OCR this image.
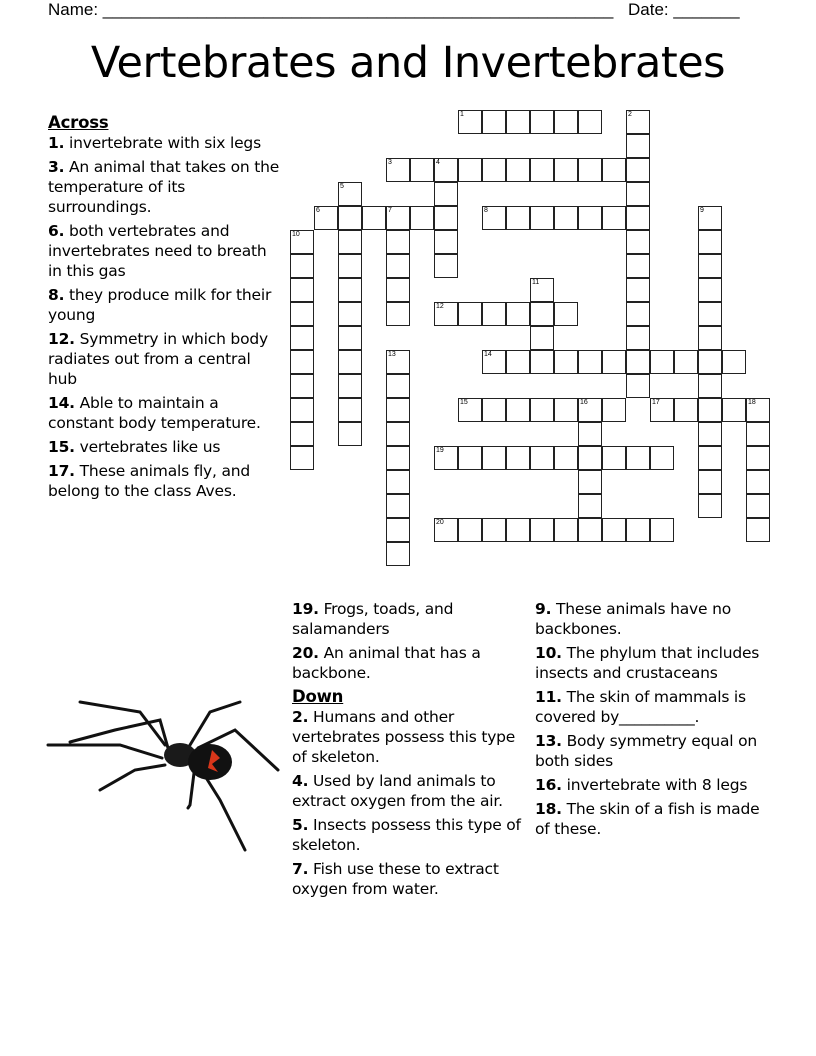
Name: ______________________________________________________ Date: _______
Vertebrates and Invertebrates
Across
1. invertebrate with six legs
3. An animal that takes on the temperature of its surroundings.
6. both vertebrates and invertebrates need to breath in this gas
8. they produce milk for their young
12. Symmetry in which body radiates out from a central hub
14. Able to maintain a constant body temperature.
15. vertebrates like us
17. These animals fly, and belong to the class Aves.
19. Frogs, toads, and salamanders
20. An animal that has a backbone.
Down
2. Humans and other vertebrates possess this type of skeleton.
4. Used by land animals to extract oxygen from the air.
5. Insects possess this type of skeleton.
7. Fish use these to extract oxygen from water.
9. These animals have no backbones.
10. The phylum that includes insects and crustaceans
11. The skin of mammals is covered by__________.
13. Body symmetry equal on both sides
16. invertebrate with 8 legs
18. The skin of a fish is made of these.
1	2
3	4
5
6	7	8	9
10
11
12
13	14
15	16	17	18
19
20
